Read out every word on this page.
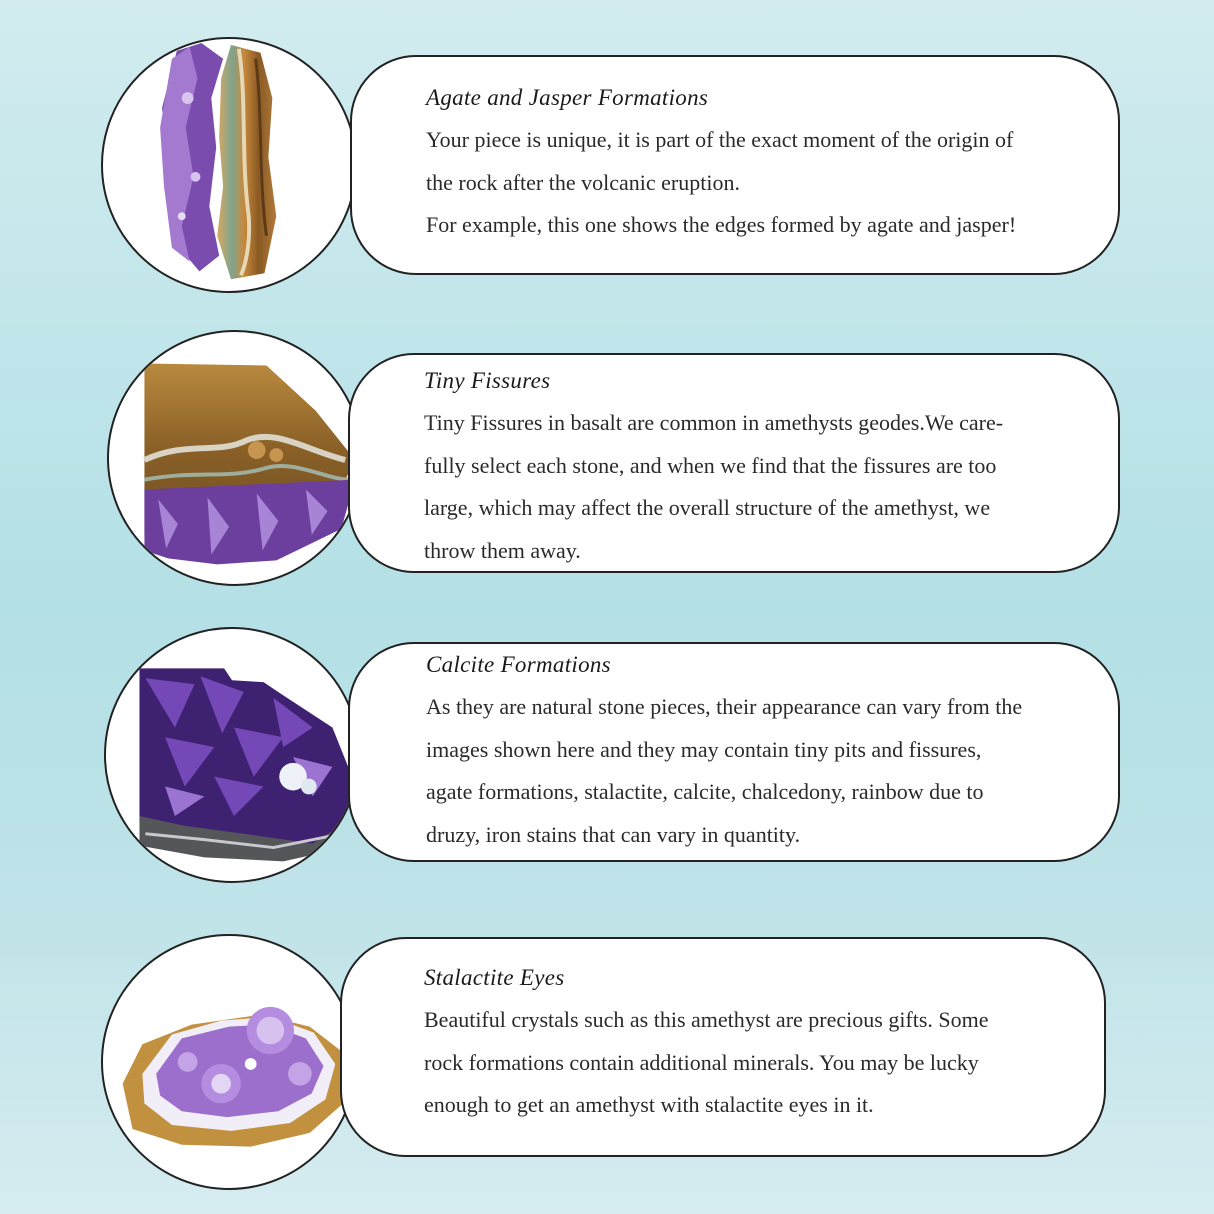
Agate and Jasper Formations
Your piece is unique, it is part of the exact moment of the origin of
the rock after the volcanic eruption.
For example, this one shows the edges formed by agate and jasper!
Tiny Fissures
Tiny Fissures in basalt are common in amethysts geodes.We care-
fully select each stone, and when we find that the fissures are too
large, which may affect the overall structure of the amethyst, we
throw them away.
Calcite Formations
As they are natural stone pieces, their appearance can vary from the
images shown here and they may contain tiny pits and fissures,
agate formations, stalactite, calcite, chalcedony, rainbow due to
druzy, iron stains that can vary in quantity.
Stalactite Eyes
Beautiful crystals such as this amethyst are precious gifts. Some
rock formations contain additional minerals. You may be lucky
enough to get an amethyst with stalactite eyes in it.
